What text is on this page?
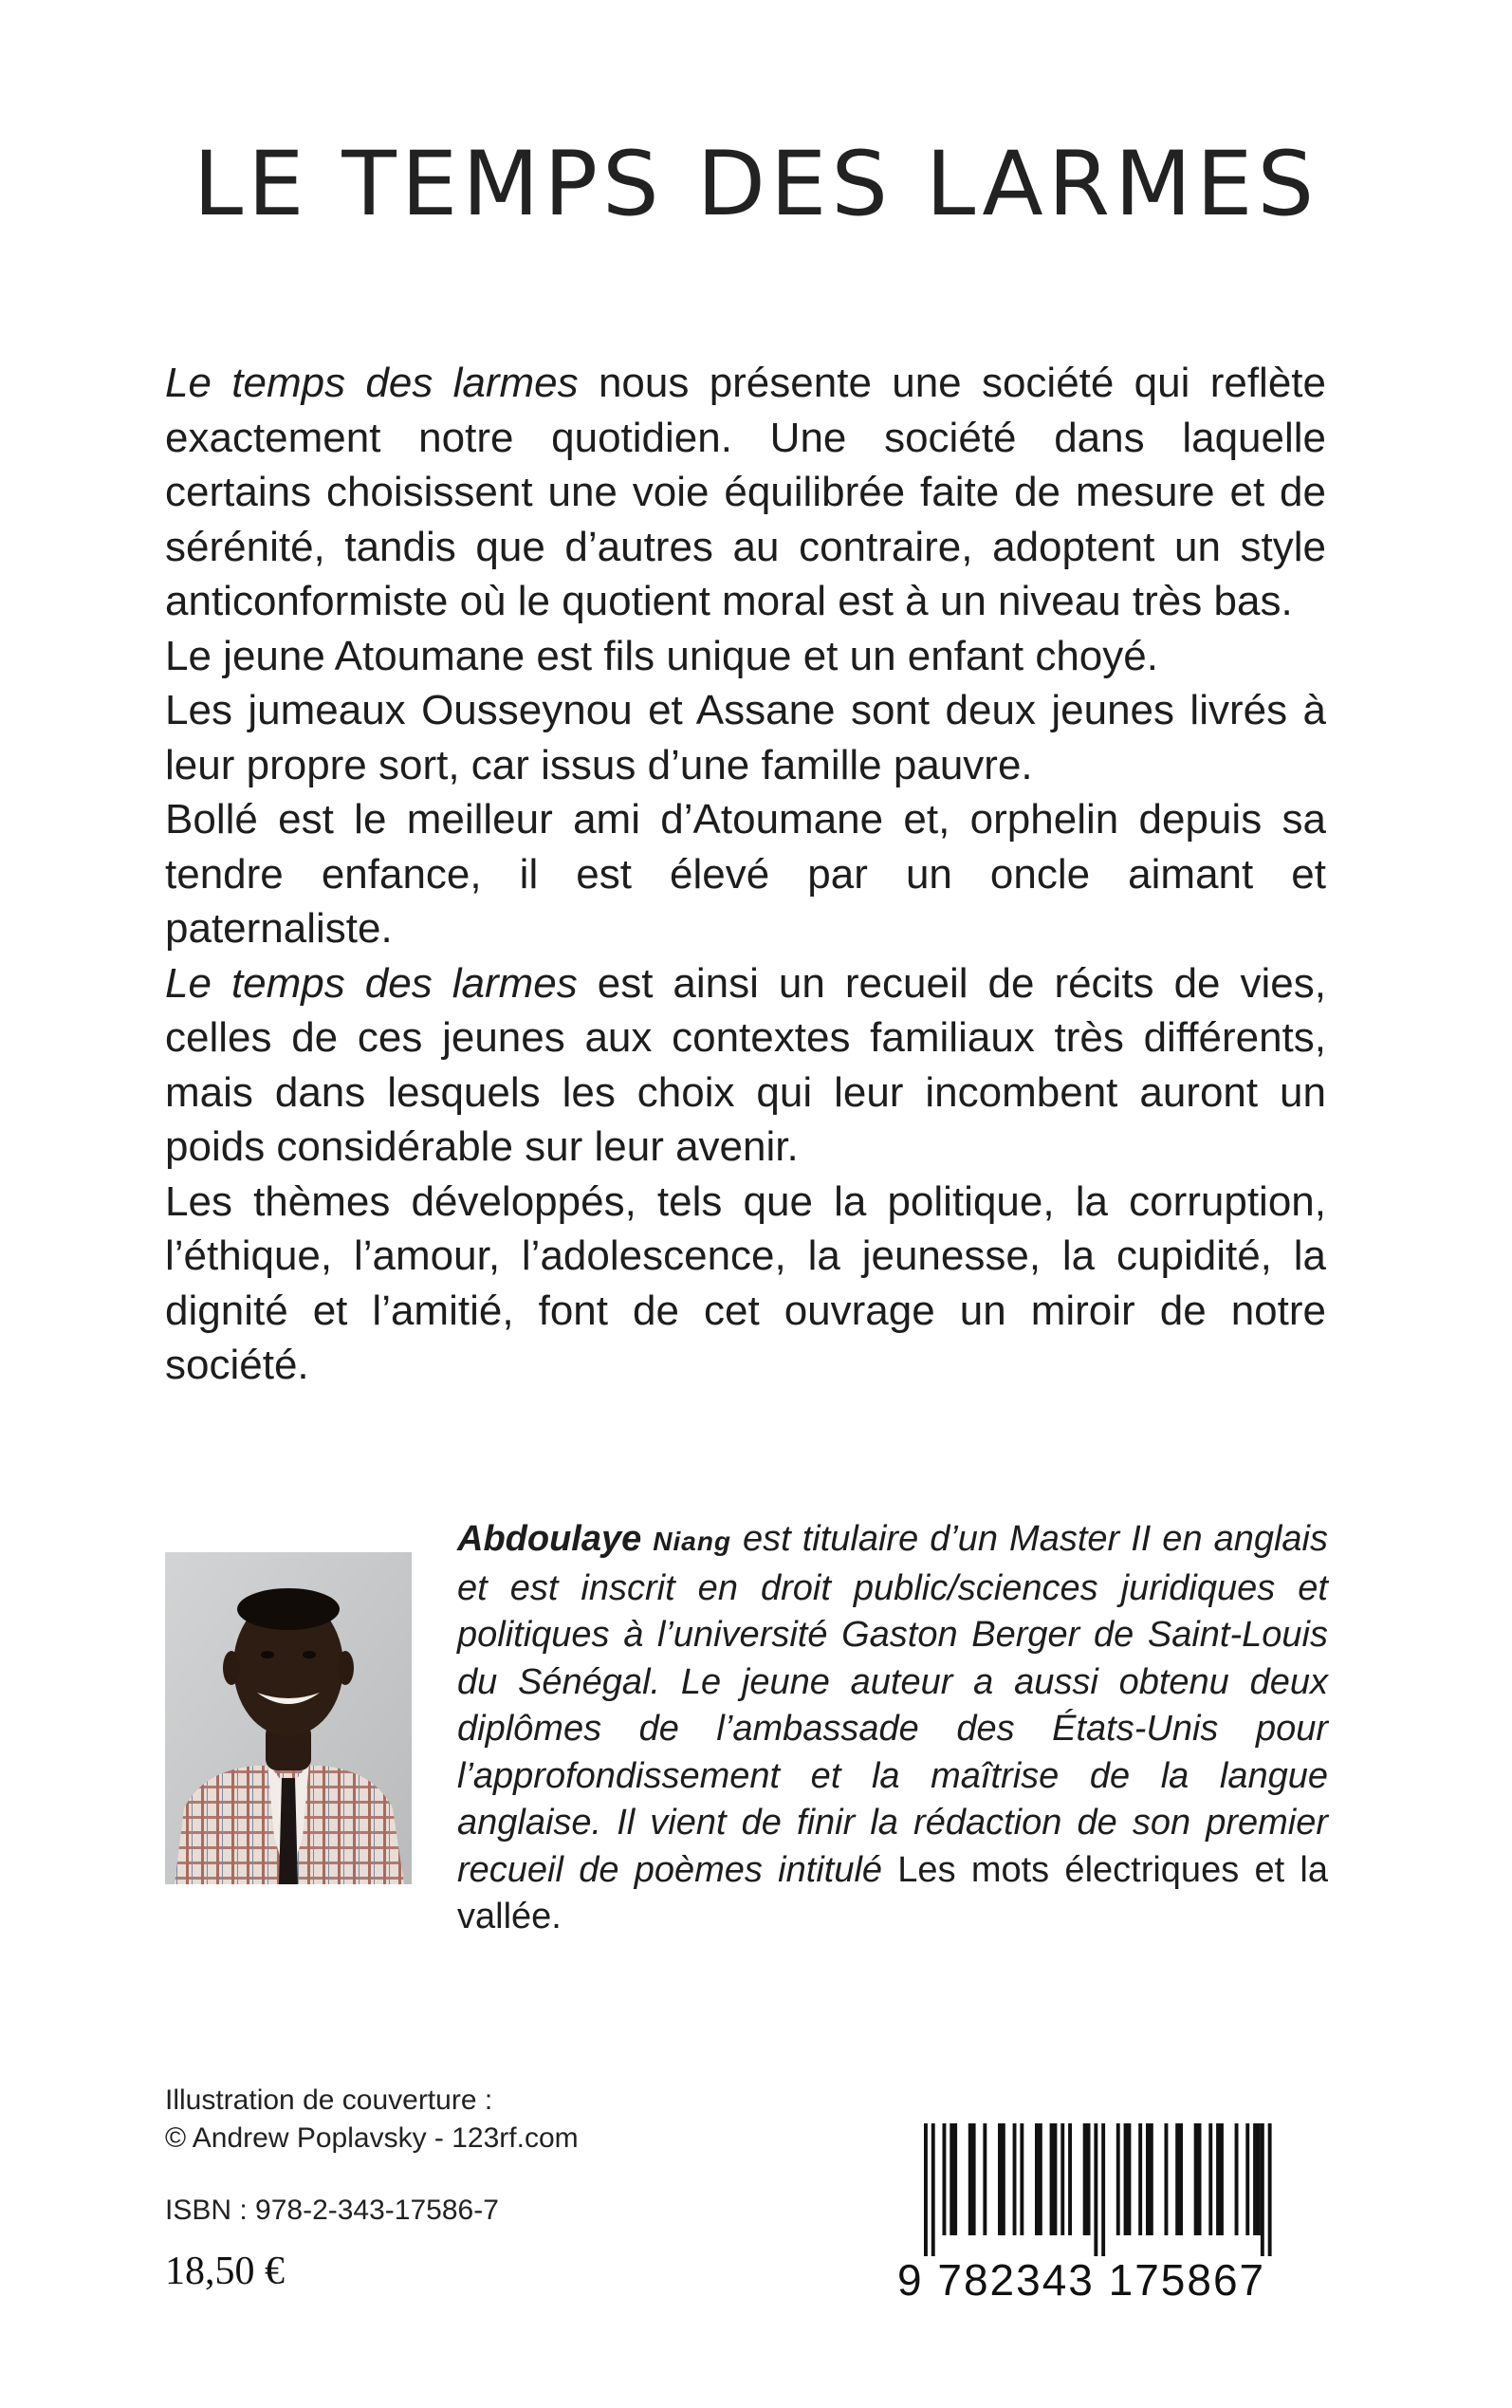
LE TEMPS DES LARMES

Le temps des larmes nous présente une société qui reflète exactement notre quotidien. Une société dans laquelle certains choisissent une voie équilibrée faite de mesure et de sérénité, tandis que d’autres au contraire, adoptent un style anticonformiste où le quotient moral est à un niveau très bas.

Le jeune Atoumane est fils unique et un enfant choyé.

Les jumeaux Ousseynou et Assane sont deux jeunes livrés à leur propre sort, car issus d’une famille pauvre.

Bollé est le meilleur ami d’Atoumane et, orphelin depuis sa tendre enfance, il est élevé par un oncle aimant et paternaliste.

Le temps des larmes est ainsi un recueil de récits de vies, celles de ces jeunes aux contextes familiaux très différents, mais dans lesquels les choix qui leur incombent auront un poids considérable sur leur avenir.

Les thèmes développés, tels que la politique, la corruption, l’éthique, l’amour, l’adolescence, la jeunesse, la cupidité, la dignité et l’amitié, font de cet ouvrage un miroir de notre société.

Abdoulaye Niang est titulaire d’un Master II en anglais et est inscrit en droit public/sciences juridiques et politiques à l’université Gaston Berger de Saint-Louis du Sénégal. Le jeune auteur a aussi obtenu deux diplômes de l’ambassade des États-Unis pour l’approfondissement et la maîtrise de la langue anglaise. Il vient de finir la rédaction de son premier recueil de poèmes intitulé Les mots électriques et la vallée.
Illustration de couverture :
© Andrew Poplavsky - 123rf.com
ISBN : 978-2-343-17586-7
18,50 €	9 782343 175867
